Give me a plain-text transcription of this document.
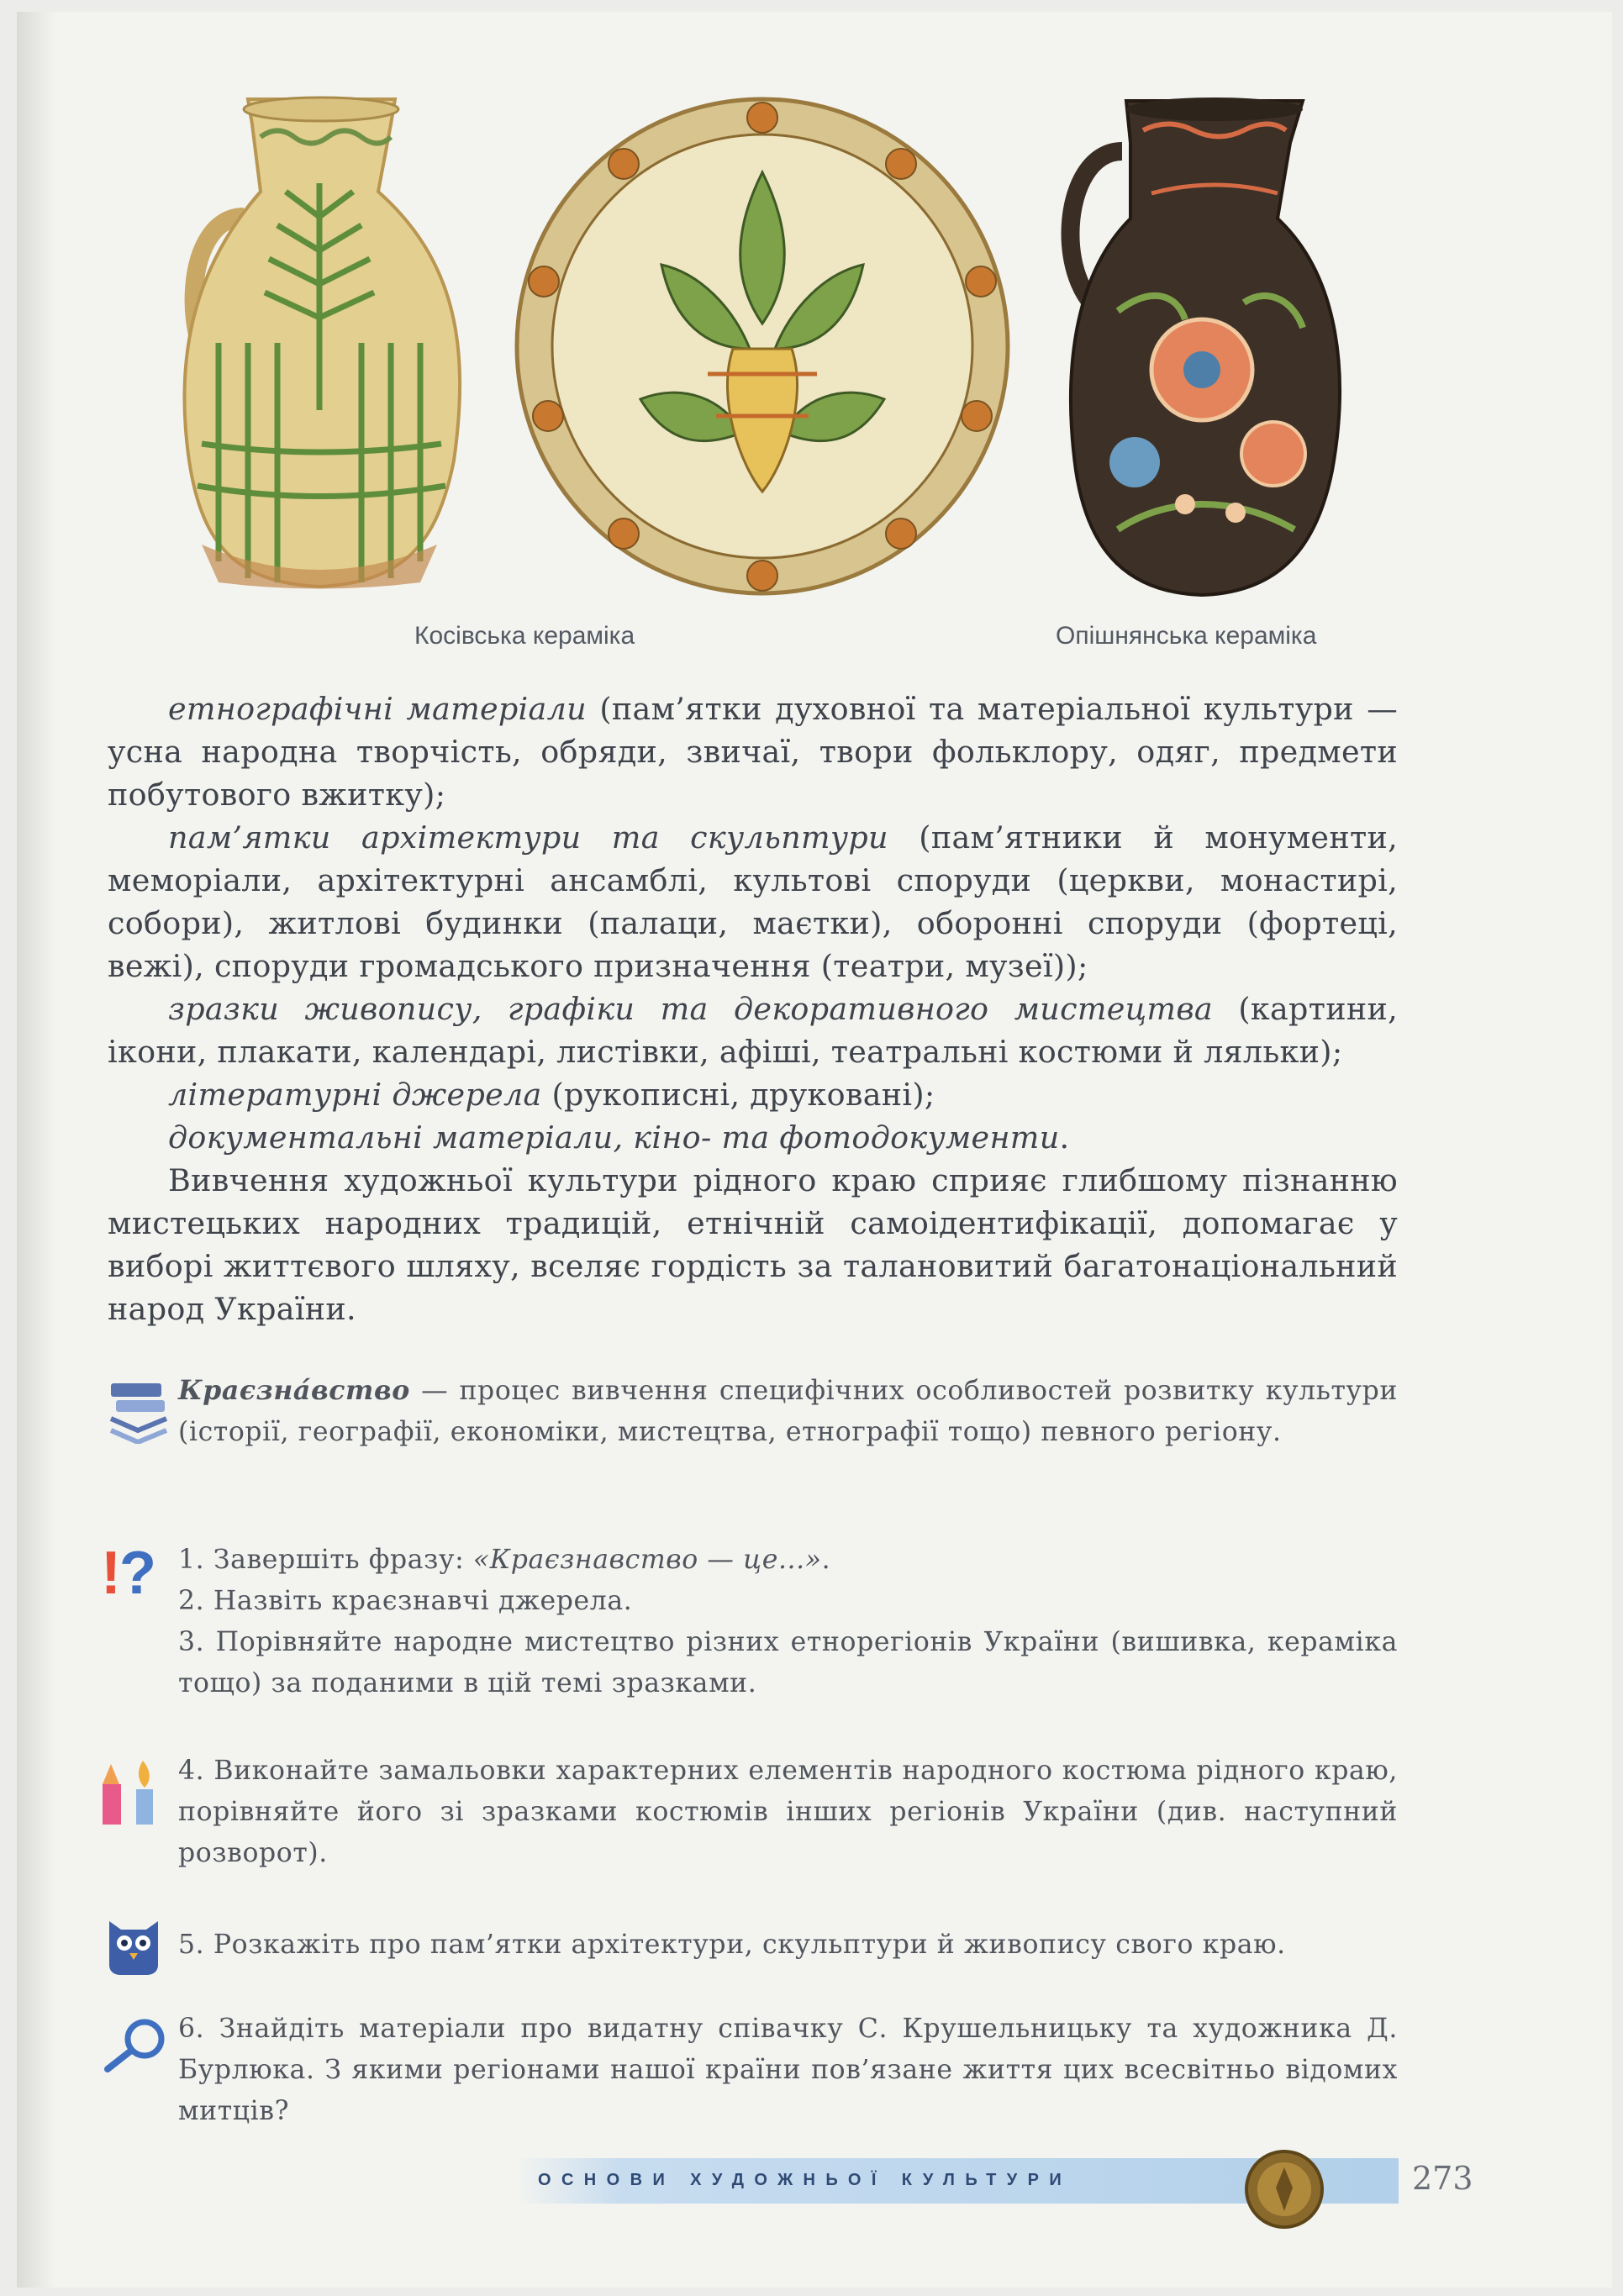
Косівська кераміка	Опішнянська кераміка

етнографічні матеріали (пам’ятки духовної та матеріальної культури — усна народна творчість, обряди, звичаї, твори фольклору, одяг, предмети побутового вжитку);

пам’ятки архітектури та скульптури (пам’ятники й монументи, меморіали, архітектурні ансамблі, культові споруди (церкви, монастирі, собори), житлові будинки (палаци, маєтки), оборонні споруди (фортеці, вежі), споруди громадського призначення (театри, музеї));

зразки живопису, графіки та декоративного мистецтва (картини, ікони, плакати, календарі, листівки, афіші, театральні костюми й ляльки);

літературні джерела (рукописні, друковані);

документальні матеріали, кіно- та фотодокументи.

Вивчення художньої культури рідного краю сприяє глибшому пізнанню мистецьких народних традицій, етнічній самоідентифікації, допомагає у виборі життєвого шляху, вселяє гордість за талановитий багатонаціональний народ України.

Краєзна́вство — процес вивчення специфічних особливостей розвитку культури (історії, географії, економіки, мистецтва, етнографії тощо) певного регіону.

!
? 1. Завершіть фразу: «Краєзнавство — це...».

2. Назвіть краєзнавчі джерела.

3. Порівняйте народне мистецтво різних етнорегіонів України (вишивка, кераміка тощо) за поданими в цій темі зразками.

4. Виконайте замальовки характерних елементів народного костюма рідного краю, порівняйте його зі зразками костюмів інших регіонів України (див. наступний розворот).

5. Розкажіть про пам’ятки архітектури, скульптури й живопису свого краю.

6. Знайдіть матеріали про видатну співачку С. Крушельницьку та художника Д. Бурлюка. З якими регіонами нашої країни пов’язане життя цих всесвітньо відомих митців?

ОСНОВИ ХУДОЖНЬОЇ КУЛЬТУРИ	273
